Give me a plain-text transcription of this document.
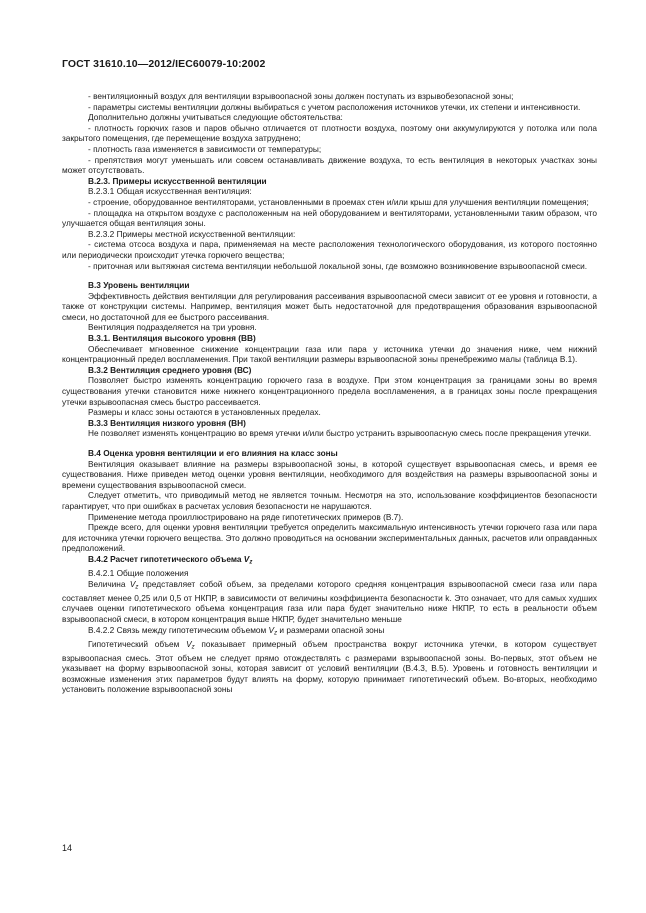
ГОСТ 31610.10—2012/IEC60079-10:2002

- вентиляционный воздух для вентиляции взрывоопасной зоны должен поступать из взрывобезопасной зоны;

- параметры системы вентиляции должны выбираться с учетом расположения источников утечки, их степени и интенсивности.

Дополнительно должны учитываться следующие обстоятельства:

- плотность горючих газов и паров обычно отличается от плотности воздуха, поэтому они аккумулируются у потолка или пола закрытого помещения, где перемещение воздуха затруднено;

- плотность газа изменяется в зависимости от температуры;

- препятствия могут уменьшать или совсем останавливать движение воздуха, то есть вентиляция в некоторых участках зоны может отсутствовать.

В.2.3. Примеры искусственной вентиляции

В.2.3.1 Общая искусственная вентиляция:

- строение, оборудованное вентиляторами, установленными в проемах стен и/или крыш для улучшения вентиляции помещения;

- площадка на открытом воздухе с расположенным на ней оборудованием и вентиляторами, установленными таким образом, что улучшается общая вентиляция зоны.

В.2.3.2 Примеры местной искусственной вентиляции:

- система отсоса воздуха и пара, применяемая на месте расположения технологического оборудования, из которого постоянно или периодически происходит утечка горючего вещества;

- приточная или вытяжная система вентиляции небольшой локальной зоны, где возможно возникновение взрывоопасной смеси.

В.3 Уровень вентиляции

Эффективность действия вентиляции для регулирования рассеивания взрывоопасной смеси зависит от ее уровня и готовности, а также от конструкции системы. Например, вентиляция может быть недостаточной для предотвращения образования взрывоопасной смеси, но достаточной для ее быстрого рассеивания.

Вентиляция подразделяется на три уровня.

В.3.1. Вентиляция высокого уровня (ВВ)

Обеспечивает мгновенное снижение концентрации газа или пара у источника утечки до значения ниже, чем нижний концентрационный предел воспламенения. При такой вентиляции размеры взрывоопасной зоны пренебрежимо малы (таблица В.1).

В.3.2 Вентиляция среднего уровня (ВС)

Позволяет быстро изменять концентрацию горючего газа в воздухе. При этом концентрация за границами зоны во время существования утечки становится ниже нижнего концентрационного предела воспламенения, а в границах зоны после прекращения утечки взрывоопасная смесь быстро рассеивается.

Размеры и класс зоны остаются в установленных пределах.

В.3.3 Вентиляция низкого уровня (ВН)

Не позволяет изменять концентрацию во время утечки и/или быстро устранить взрывоопасную смесь после прекращения утечки.

В.4 Оценка уровня вентиляции и его влияния на класс зоны

Вентиляция оказывает влияние на размеры взрывоопасной зоны, в которой существует взрывоопасная смесь, и время ее существования. Ниже приведен метод оценки уровня вентиляции, необходимого для воздействия на размеры взрывоопасной зоны и времени существования взрывоопасной смеси.

Следует отметить, что приводимый метод не является точным. Несмотря на это, использование коэффициентов безопасности гарантирует, что при ошибках в расчетах условия безопасности не нарушаются.

Применение метода проиллюстрировано на ряде гипотетических примеров (В.7).

Прежде всего, для оценки уровня вентиляции требуется определить максимальную интенсивность утечки горючего газа или пара для источника утечки горючего вещества. Это должно проводиться на основании экспериментальных данных, расчетов или оправданных предположений.

В.4.2 Расчет гипотетического объема $V_z$

В.4.2.1 Общие положения

Величина $V_z$ представляет собой объем, за пределами которого средняя концентрация взрывоопасной смеси газа или пара составляет менее 0,25 или 0,5 от НКПР, в зависимости от величины коэффициента безопасности k. Это означает, что для самых худших случаев оценки гипотетического объема концентрация газа или пара будет значительно ниже НКПР, то есть в реальности объем взрывоопасной смеси, в котором концентрация выше НКПР, будет значительно меньше

В.4.2.2 Связь между гипотетическим объемом $V_z$ и размерами опасной зоны

Гипотетический объем $V_z$ показывает примерный объем пространства вокруг источника утечки, в котором существует взрывоопасная смесь. Этот объем не следует прямо отождествлять с размерами взрывоопасной зоны. Во-первых, этот объем не указывает на форму взрывоопасной зоны, которая зависит от условий вентиляции (В.4.3, В.5). Уровень и готовность вентиляции и возможные изменения этих параметров будут влиять на форму, которую принимает гипотетический объем. Во-вторых, необходимо установить положение взрывоопасной зоны

14
